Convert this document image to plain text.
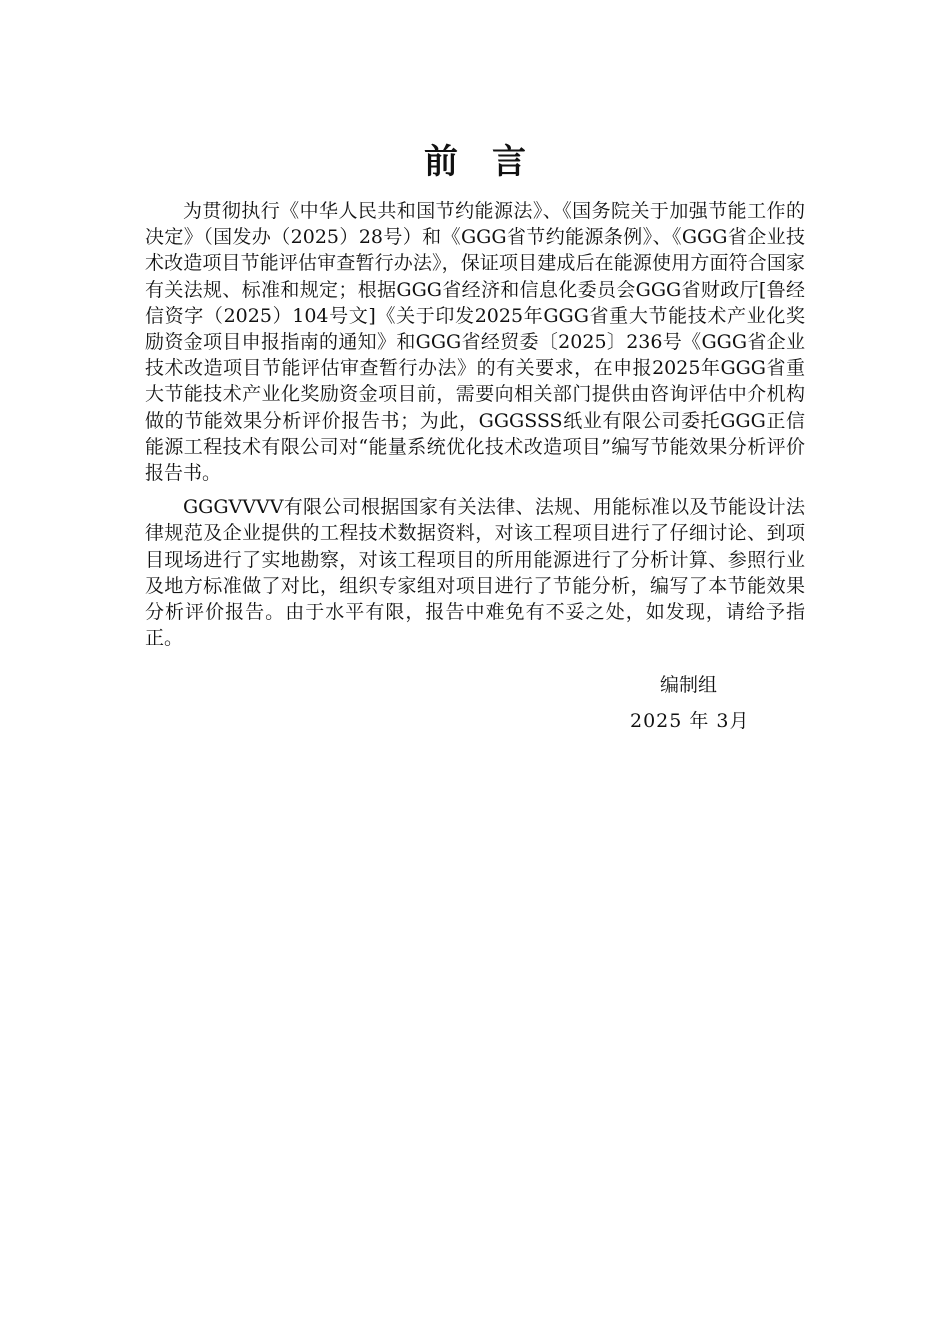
前言

为贯彻执行《中华人民共和国节约能源法》、《国务院关于加强节能工作的决定》（国发办（2025）28号）和《GGG省节约能源条例》、《GGG省企业技术改造项目节能评估审查暂行办法》，保证项目建成后在能源使用方面符合国家有关法规、标准和规定；根据GGG省经济和信息化委员会GGG省财政厅[鲁经信资字（2025）104号文]《关于印发2025年GGG省重大节能技术产业化奖励资金项目申报指南的通知》和GGG省经贸委〔2025〕236号《GGG省企业技术改造项目节能评估审查暂行办法》的有关要求，在申报2025年GGG省重大节能技术产业化奖励资金项目前，需要向相关部门提供由咨询评估中介机构做的节能效果分析评价报告书；为此，GGGSSS纸业有限公司委托GGG正信能源工程技术有限公司对“能量系统优化技术改造项目”编写节能效果分析评价报告书。

GGGVVVV有限公司根据国家有关法律、法规、用能标准以及节能设计法律规范及企业提供的工程技术数据资料，对该工程项目进行了仔细讨论、到项目现场进行了实地勘察，对该工程项目的所用能源进行了分析计算、参照行业及地方标准做了对比，组织专家组对项目进行了节能分析，编写了本节能效果分析评价报告。由于水平有限，报告中难免有不妥之处，如发现，请给予指正。

编制组
2025 年 3月
